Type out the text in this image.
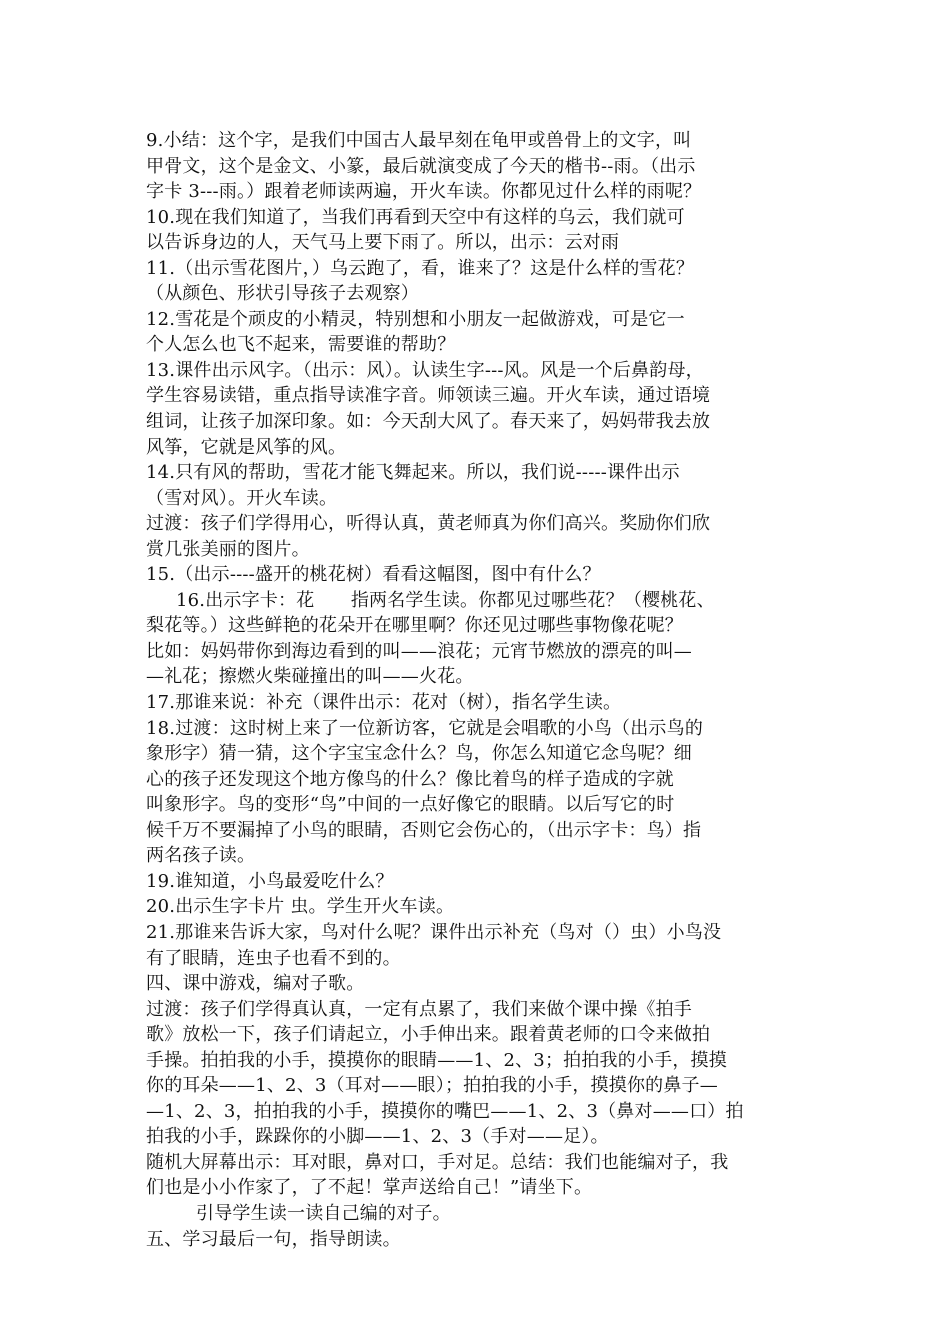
9.小结：这个字，是我们中国古人最早刻在龟甲或兽骨上的文字，叫
甲骨文，这个是金文、小篆，最后就演变成了今天的楷书--雨。（出示
字卡 3---雨。）跟着老师读两遍，开火车读。你都见过什么样的雨呢？
10.现在我们知道了，当我们再看到天空中有这样的乌云，我们就可
以告诉身边的人，天气马上要下雨了。所以，出示：云对雨
11.（出示雪花图片，）乌云跑了，看，谁来了？这是什么样的雪花？
（从颜色、形状引导孩子去观察）
12.雪花是个顽皮的小精灵，特别想和小朋友一起做游戏，可是它一
个人怎么也飞不起来，需要谁的帮助？
13.课件出示风字。（出示：风）。认读生字---风。风是一个后鼻韵母，
学生容易读错，重点指导读准字音。师领读三遍。开火车读，通过语境
组词，让孩子加深印象。如：今天刮大风了。春天来了，妈妈带我去放
风筝，它就是风筝的风。
14.只有风的帮助，雪花才能飞舞起来。所以，我们说-----课件出示
（雪对风）。开火车读。
过渡：孩子们学得用心，听得认真，黄老师真为你们高兴。奖励你们欣
赏几张美丽的图片。
15.（出示----盛开的桃花树）看看这幅图，图中有什么？
16.出示字卡：花　　指两名学生读。你都见过哪些花？（樱桃花、
梨花等。）这些鲜艳的花朵开在哪里啊？你还见过哪些事物像花呢？
比如：妈妈带你到海边看到的叫——浪花；元宵节燃放的漂亮的叫—
—礼花；擦燃火柴碰撞出的叫——火花。
17.那谁来说：补充（课件出示：花对（树），指名学生读。
18.过渡：这时树上来了一位新访客，它就是会唱歌的小鸟（出示鸟的
象形字）猜一猜，这个字宝宝念什么？鸟，你怎么知道它念鸟呢？细
心的孩子还发现这个地方像鸟的什么？像比着鸟的样子造成的字就
叫象形字。鸟的变形“鸟”中间的一点好像它的眼睛。以后写它的时
候千万不要漏掉了小鸟的眼睛，否则它会伤心的，（出示字卡：鸟）指
两名孩子读。
19.谁知道，小鸟最爱吃什么？
20.出示生字卡片 虫。学生开火车读。
21.那谁来告诉大家，鸟对什么呢？课件出示补充（鸟对（）虫）小鸟没
有了眼睛，连虫子也看不到的。
四、课中游戏，编对子歌。
过渡：孩子们学得真认真，一定有点累了，我们来做个课中操《拍手
歌》放松一下，孩子们请起立，小手伸出来。跟着黄老师的口令来做拍
手操。拍拍我的小手，摸摸你的眼睛——1、2、3；拍拍我的小手，摸摸
你的耳朵——1、2、3（耳对——眼）；拍拍我的小手，摸摸你的鼻子—
—1、2、3，拍拍我的小手，摸摸你的嘴巴——1、2、3（鼻对——口）拍
拍我的小手，跺跺你的小脚——1、2、3（手对——足）。
随机大屏幕出示：耳对眼，鼻对口，手对足。总结：我们也能编对子，我
们也是小小作家了，了不起！掌声送给自己！”请坐下。
引导学生读一读自己编的对子。
五、学习最后一句，指导朗读。
